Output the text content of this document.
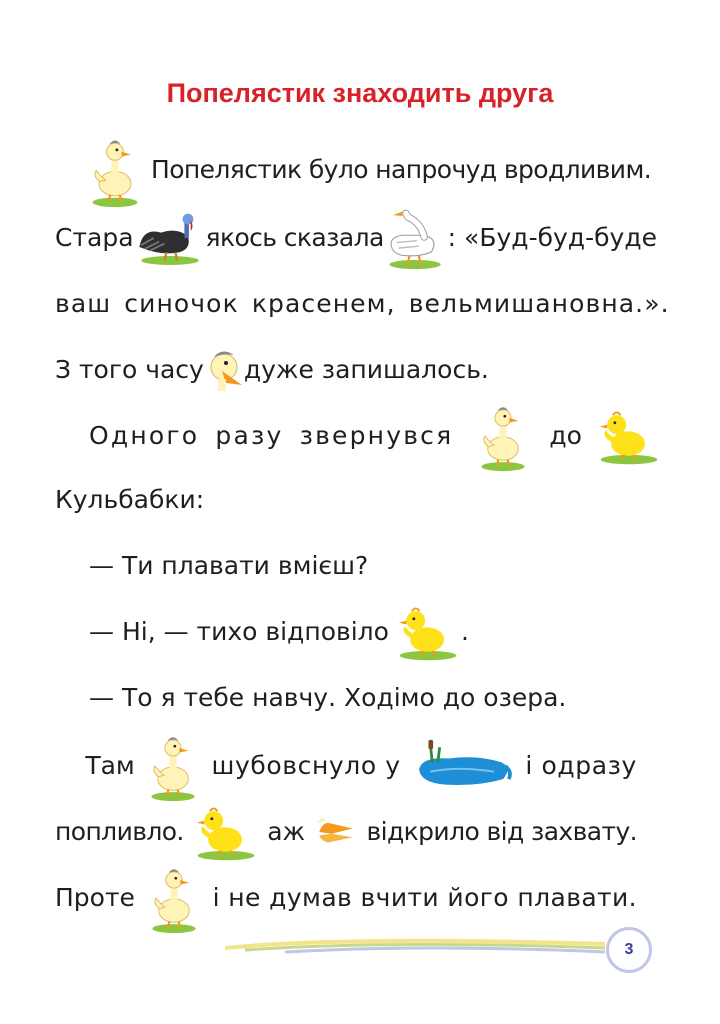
Попелястик знаходить друга
Попелястик було напрочуд вродливим.
Стара	якось сказала	: «Буд-буд-буде
ваш синочок красенем, вельмишановна.».
З того часу дуже запишалось.
Одного разу звернувся	до
Кульбабки:
— Ти плавати вмієш?
— Ні, — тихо відповіло	.
— То я тебе навчу. Ходімо до озера.
Там	шубовснуло у	і одразу
попливло.	аж відкрило від захвату.
Проте	і не думав вчити його плавати.
3
